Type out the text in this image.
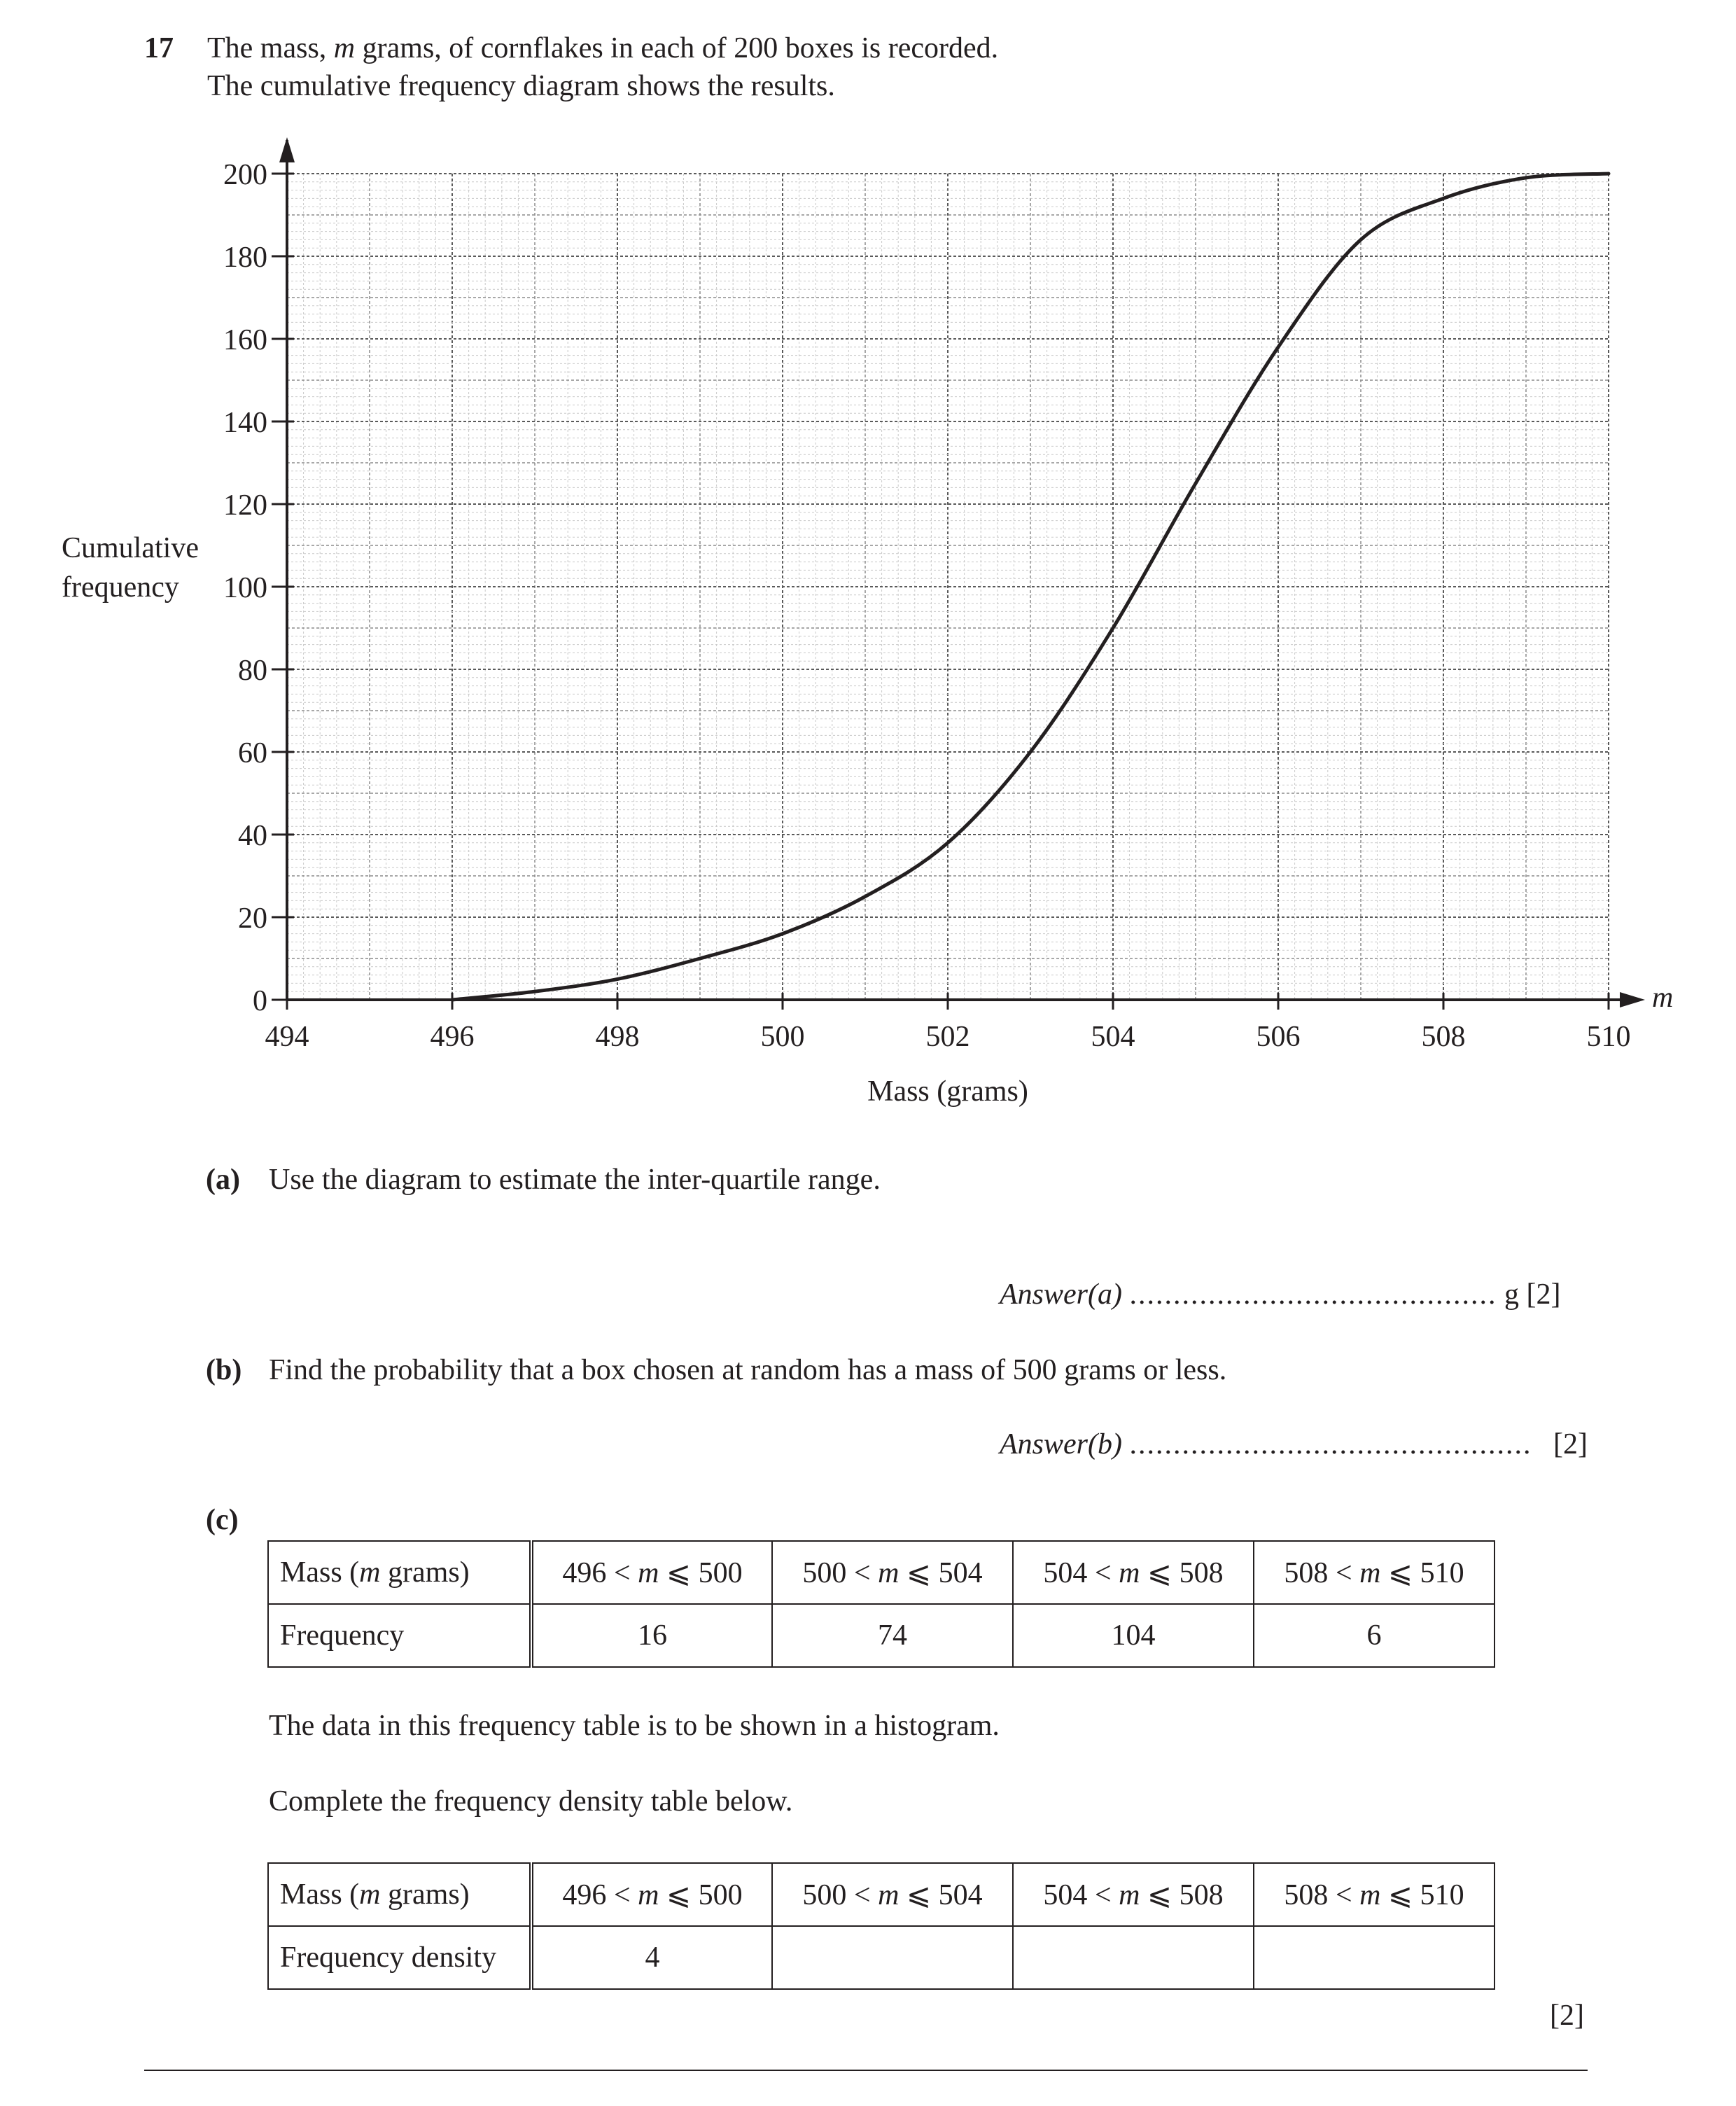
17 The mass, m grams, of cornflakes in each of 200 boxes is recorded.
The cumulative frequency diagram shows the results.
494	496	498	500	502	504	506	508	510
0
20
40
60
80
100
120
140
160
180
200
Mass (grams)
Cumulative
frequency
m
(a) Use the diagram to estimate the inter-quartile range.
Answer(a) .......................................... g [2]
(b) Find the probability that a box chosen at random has a mass of 500 grams or less.
Answer(b) .............................................. [2]
(c)
Mass (m grams)	496 < m ⩽ 500	500 < m ⩽ 504	504 < m ⩽ 508	508 < m ⩽ 510
Frequency	16	74	104	6
The data in this frequency table is to be shown in a histogram.
Complete the frequency density table below.
Mass (m grams)	496 < m ⩽ 500	500 < m ⩽ 504	504 < m ⩽ 508	508 < m ⩽ 510
Frequency density	4			
[2]
